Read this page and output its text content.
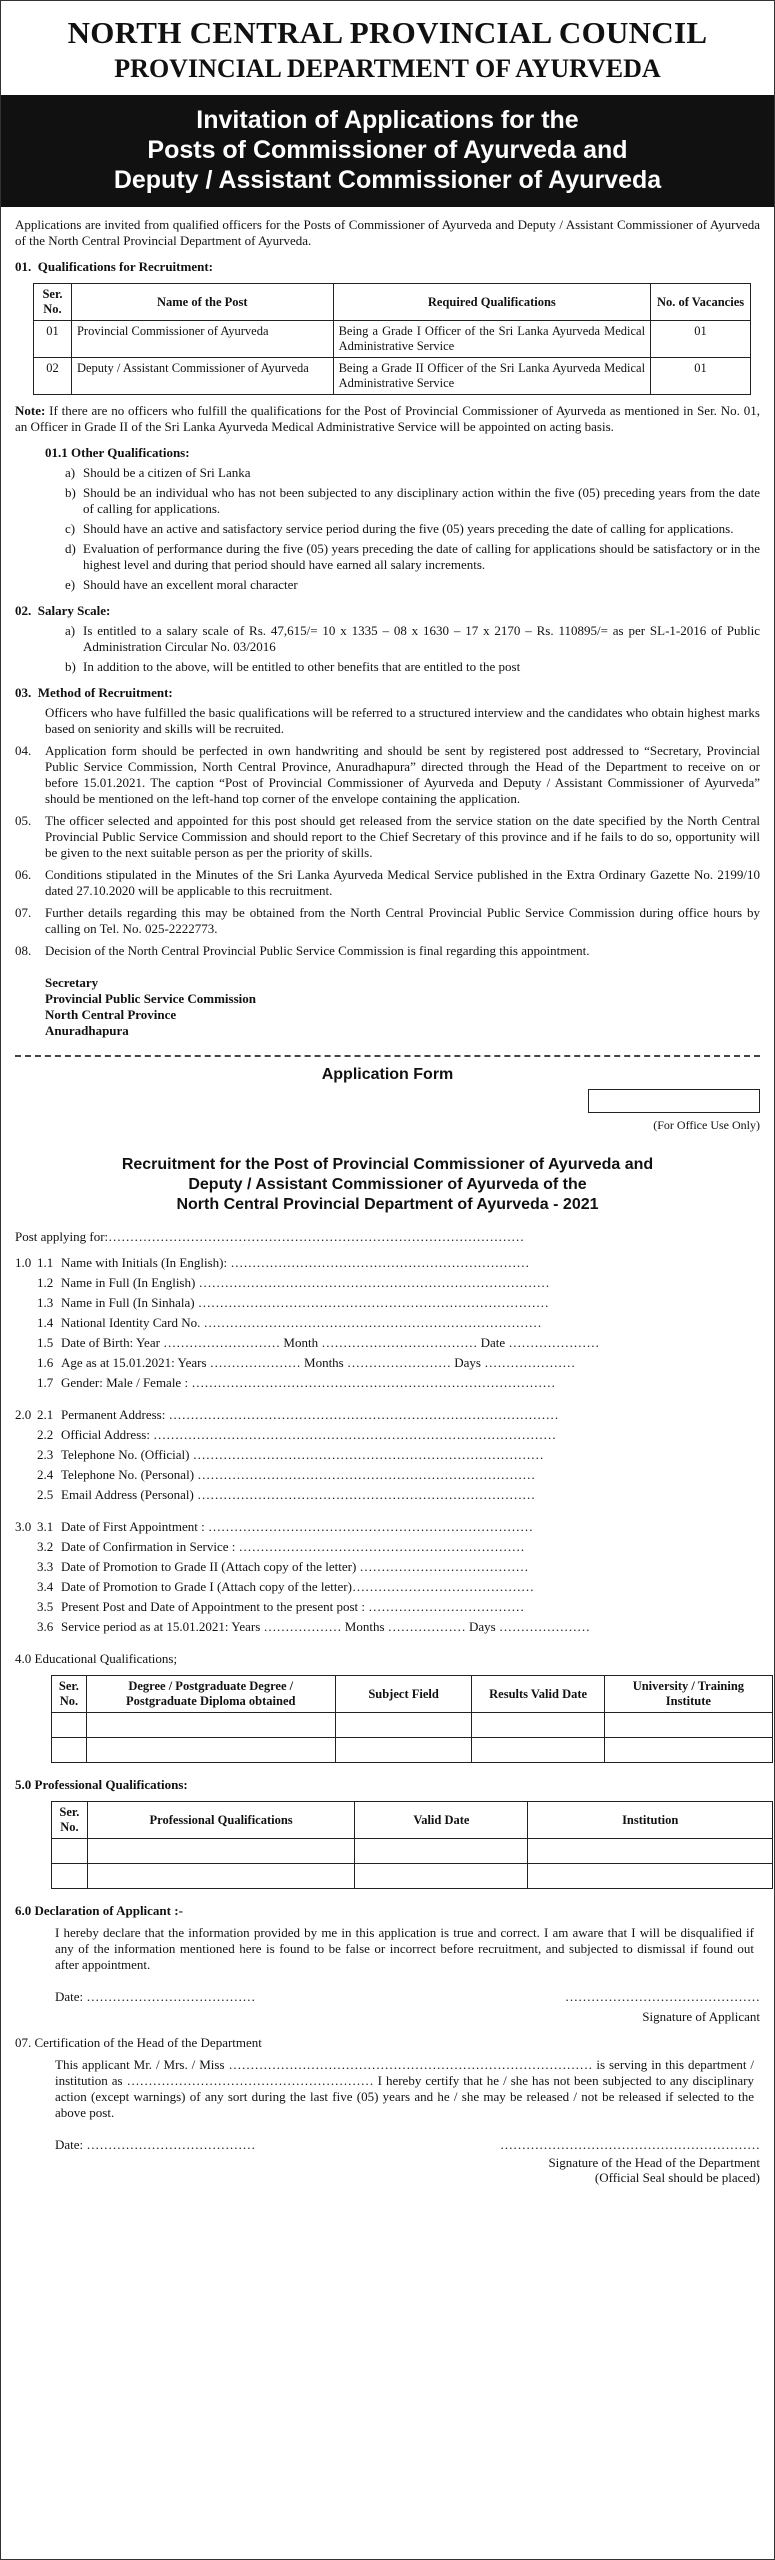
NORTH CENTRAL PROVINCIAL COUNCIL
PROVINCIAL DEPARTMENT OF AYURVEDA
Invitation of Applications for the
Posts of Commissioner of Ayurveda and
Deputy / Assistant Commissioner of Ayurveda

Applications are invited from qualified officers for the Posts of Commissioner of Ayurveda and Deputy / Assistant Commissioner of Ayurveda of the North Central Provincial Department of Ayurveda.

01. Qualifications for Recruitment:
Ser. No.	Name of the Post	Required Qualifications	No. of Vacancies
01	Provincial Commissioner of Ayurveda	Being a Grade I Officer of the Sri Lanka Ayurveda Medical Administrative Service	01
02	Deputy / Assistant Commissioner of Ayurveda	Being a Grade II Officer of the Sri Lanka Ayurveda Medical Administrative Service	01

Note: If there are no officers who fulfill the qualifications for the Post of Provincial Commissioner of Ayurveda as mentioned in Ser. No. 01, an Officer in Grade II of the Sri Lanka Ayurveda Medical Administrative Service will be appointed on acting basis.

01.1 Other Qualifications:
a) Should be a citizen of Sri Lanka
b) Should be an individual who has not been subjected to any disciplinary action within the five (05) preceding years from the date of calling for applications.
c) Should have an active and satisfactory service period during the five (05) years preceding the date of calling for applications.
d) Evaluation of performance during the five (05) years preceding the date of calling for applications should be satisfactory or in the highest level and during that period should have earned all salary increments.
e) Should have an excellent moral character
02. Salary Scale:
a) Is entitled to a salary scale of Rs. 47,615/= 10 x 1335 – 08 x 1630 – 17 x 2170 – Rs. 110895/= as per SL-1-2016 of Public Administration Circular No. 03/2016
b) In addition to the above, will be entitled to other benefits that are entitled to the post
03. Method of Recruitment:

Officers who have fulfilled the basic qualifications will be referred to a structured interview and the candidates who obtain highest marks based on seniority and skills will be recruited.

04.	Application form should be perfected in own handwriting and should be sent by registered post addressed to “Secretary, Provincial Public Service Commission, North Central Province, Anuradhapura” directed through the Head of the Department to receive on or before 15.01.2021. The caption “Post of Provincial Commissioner of Ayurveda and Deputy / Assistant Commissioner of Ayurveda” should be mentioned on the left-hand top corner of the envelope containing the application.
05.	The officer selected and appointed for this post should get released from the service station on the date specified by the North Central Provincial Public Service Commission and should report to the Chief Secretary of this province and if he fails to do so, opportunity will be given to the next suitable person as per the priority of skills.
06.	Conditions stipulated in the Minutes of the Sri Lanka Ayurveda Medical Service published in the Extra Ordinary Gazette No. 2199/10 dated 27.10.2020 will be applicable to this recruitment.
07.	Further details regarding this may be obtained from the North Central Provincial Public Service Commission during office hours by calling on Tel. No. 025-2222773.
08.	Decision of the North Central Provincial Public Service Commission is final regarding this appointment.
Secretary
Provincial Public Service Commission
North Central Province
Anuradhapura
Application Form
(For Office Use Only)
Recruitment for the Post of Provincial Commissioner of Ayurveda and
Deputy / Assistant Commissioner of Ayurveda of the
North Central Provincial Department of Ayurveda - 2021
Post applying for:……………………………………………………………………………………
1.0 1.1 Name with Initials (In English): ……………………………………………………………
1.2 Name in Full (In English) ………………………………………………………………………
1.3 Name in Full (In Sinhala) ………………………………………………………………………
1.4 National Identity Card No. ……………………………………………………………………
1.5 Date of Birth: Year ……………………… Month ……………………………… Date …………………
1.6 Age as at 15.01.2021: Years ………………… Months …………………… Days …………………
1.7 Gender: Male / Female : …………………………………………………………………………
2.0 2.1 Permanent Address: ………………………………………………………………………………
2.2 Official Address: …………………………………………………………………………………
2.3 Telephone No. (Official) ………………………………………………………………………
2.4 Telephone No. (Personal) ……………………………………………………………………
2.5 Email Address (Personal) ……………………………………………………………………
3.0 3.1 Date of First Appointment : …………………………………………………………………
3.2 Date of Confirmation in Service : …………………………………………………………
3.3 Date of Promotion to Grade II (Attach copy of the letter) …………………………………
3.4 Date of Promotion to Grade I (Attach copy of the letter)……………………………………
3.5 Present Post and Date of Appointment to the present post : ………………………………
3.6 Service period as at 15.01.2021: Years ……………… Months ……………… Days …………………
4.0 Educational Qualifications;
Ser. No.	Degree / Postgraduate Degree / Postgraduate Diploma obtained	Subject Field	Results Valid Date	University / Training Institute

5.0 Professional Qualifications:
Ser. No.	Professional Qualifications	Valid Date	Institution

6.0 Declaration of Applicant :-

I hereby declare that the information provided by me in this application is true and correct. I am aware that I will be disqualified if any of the information mentioned here is found to be false or incorrect before recruitment, and subjected to dismissal if found out after appointment.

Date: …………………………………	………………………………………
Signature of Applicant
07. Certification of the Head of the Department

This applicant Mr. / Mrs. / Miss ………………………………………………………………………… is serving in this department / institution as ………………………………………………… I hereby certify that he / she has not been subjected to any disciplinary action (except warnings) of any sort during the last five (05) years and he / she may be released / not be released if selected to the above post.

Date: …………………………………	……………………………………………………
Signature of the Head of the Department
(Official Seal should be placed)
